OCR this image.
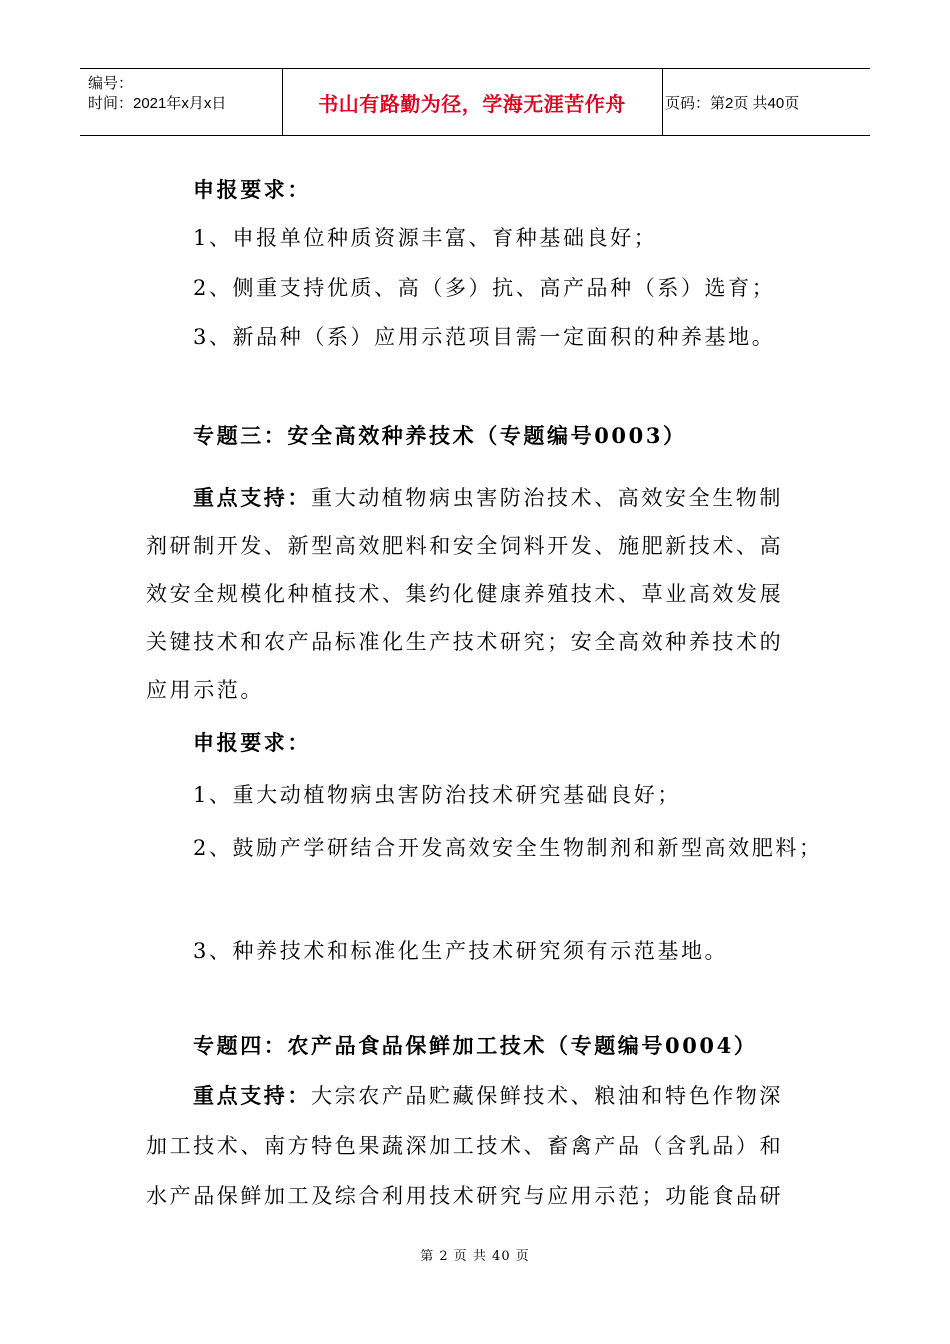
编号：
时间：2021年x月x日	书山有路勤为径，学海无涯苦作舟	页码：第2页 共40页
申报要求：
1、申报单位种质资源丰富、育种基础良好；
2、侧重支持优质、高（多）抗、高产品种（系）选育；
3、新品种（系）应用示范项目需一定面积的种养基地。
专题三：安全高效种养技术（专题编号0003）
重点支持：重大动植物病虫害防治技术、高效安全生物制
剂研制开发、新型高效肥料和安全饲料开发、施肥新技术、高
效安全规模化种植技术、集约化健康养殖技术、草业高效发展
关键技术和农产品标准化生产技术研究；安全高效种养技术的
应用示范。
申报要求：
1、重大动植物病虫害防治技术研究基础良好；
2、鼓励产学研结合开发高效安全生物制剂和新型高效肥料；
3、种养技术和标准化生产技术研究须有示范基地。
专题四：农产品食品保鲜加工技术（专题编号0004）
重点支持：大宗农产品贮藏保鲜技术、粮油和特色作物深
加工技术、南方特色果蔬深加工技术、畜禽产品（含乳品）和
水产品保鲜加工及综合利用技术研究与应用示范；功能食品研
第 2 页 共 40 页
